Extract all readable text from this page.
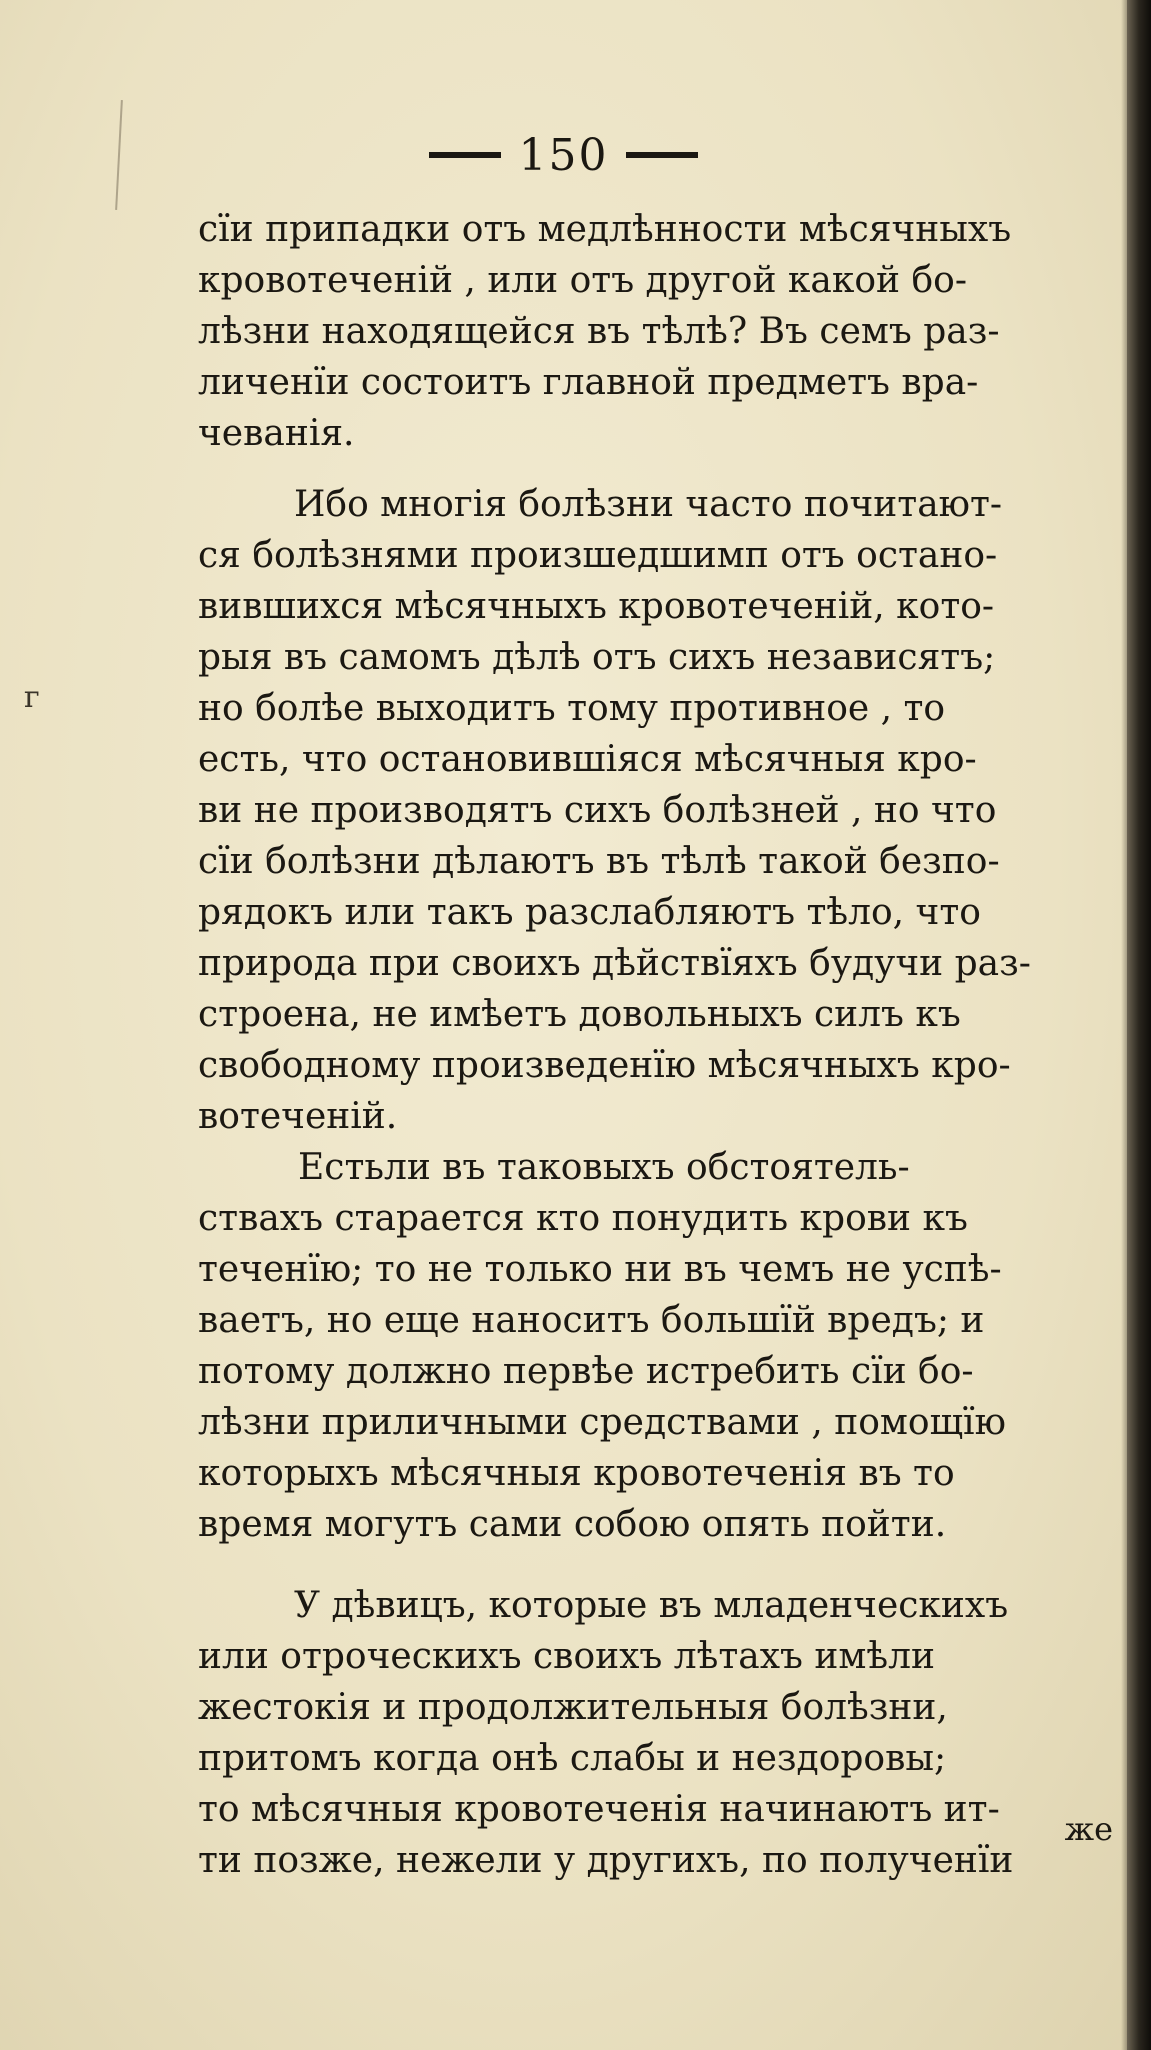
г
150
сїи припадки отъ медлѣнности мѣсячныхъ
кровотеченій , или отъ другой какой бо-
лѣзни находящейся въ тѣлѣ? Въ семъ раз-
личенїи состоитъ главной предметъ вра-
чеванія.
Ибо многія болѣзни часто почитают-
ся болѣзнями произшедшимп отъ остано-
вившихся мѣсячныхъ кровотеченій, кото-
рыя въ самомъ дѣлѣ отъ сихъ независятъ;
но болѣе выходитъ тому противное , то
есть, что остановившіяся мѣсячныя кро-
ви не производятъ сихъ болѣзней , но что
сїи болѣзни дѣлаютъ въ тѣлѣ такой безпо-
рядокъ или такъ разслабляютъ тѣло, что
природа при своихъ дѣйствїяхъ будучи раз-
строена, не имѣетъ довольныхъ силъ къ
свободному произведенїю мѣсячныхъ кро-
вотеченій.
Естьли въ таковыхъ обстоятель-
ствахъ старается кто понудить крови къ
теченїю; то не только ни въ чемъ не успѣ-
ваетъ, но еще наноситъ большїй вредъ; и
потому должно первѣе истребить сїи бо-
лѣзни приличными средствами , помощїю
которыхъ мѣсячныя кровотеченія въ то
время могутъ сами собою опять пойти.
У дѣвицъ, которые въ младенческихъ
или отроческихъ своихъ лѣтахъ имѣли
жестокія и продолжительныя болѣзни,
притомъ когда онѣ слабы и нездоровы;
то мѣсячныя кровотеченія начинаютъ ит-
ти позже, нежели у другихъ, по полученїи
же
